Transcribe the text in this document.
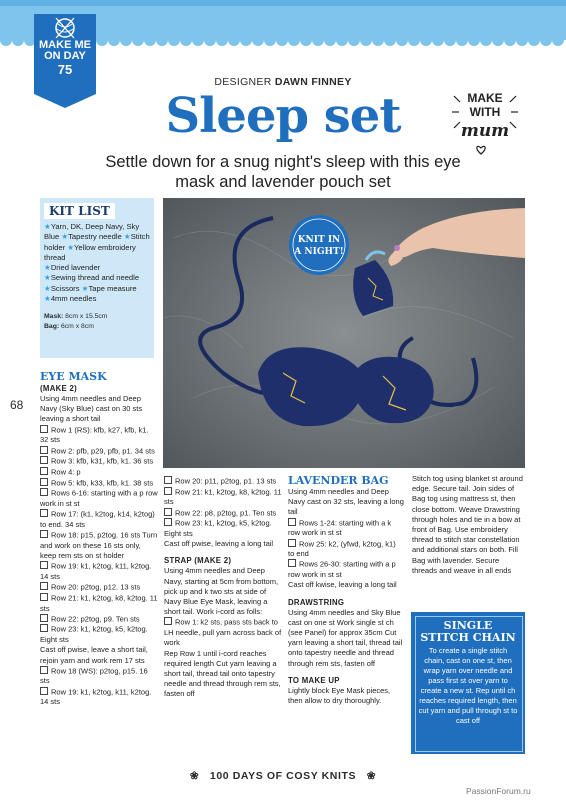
MAKE ME
ON DAY
75
DESIGNER DAWN FINNEY
Sleep set
Settle down for a snug night's sleep with this eye mask and lavender pouch set
MAKE
WITH
mum
KIT LIST
★Yarn, DK, Deep Navy, Sky Blue ★Tapestry needle ★Stitch holder ★Yellow embroidery thread
★Dried lavender
★Sewing thread and needle ★Scissors ★Tape measure ★4mm needles
Mask: 8cm x 15.5cm
Bag: 6cm x 8cm
KNIT IN
A NIGHT!
68
EYE MASK
(MAKE 2)
Using 4mm needles and Deep Navy (Sky Blue) cast on 30 sts leaving a short tail
Row 1 (RS): kfb, k27, kfb, k1. 32 sts
Row 2: pfb, p29, pfb, p1. 34 sts
Row 3: kfb, k31, kfb, k1. 36 sts
Row 4: p
Row 5: kfb, k33, kfb, k1. 38 sts
Rows 6-16: starting with a p row work in st st
Row 17: (k1, k2tog, k14, k2tog) to end. 34 sts
Row 18: p15, p2tog. 16 sts Turn and work on these 16 sts only, keep rem sts on st holder
Row 19: k1, k2tog, k11, k2tog. 14 sts
Row 20: p2tog, p12. 13 sts
Row 21: k1, k2tog, k8, k2tog. 11 sts
Row 22: p2tog, p9. Ten sts
Row 23: k1, k2tog, k5, k2tog. Eight sts
Cast off pwise, leave a short tail, rejoin yarn and work rem 17 sts
Row 18 (WS): p2tog, p15. 16 sts
Row 19: k1, k2tog, k11, k2tog. 14 sts
Row 20: p11, p2tog, p1. 13 sts
Row 21: k1, k2tog, k8, k2tog. 11 sts
Row 22: p8, p2tog, p1. Ten sts
Row 23: k1, k2tog, k5, k2tog. Eight sts
Cast off pwise, leaving a long tail
STRAP (MAKE 2)
Using 4mm needles and Deep Navy, starting at 5cm from bottom, pick up and k two sts at side of Navy Blue Eye Mask, leaving a short tail. Work i-cord as folls:
Row 1: k2 sts, pass sts back to LH needle, pull yarn across back of work
Rep Row 1 until i-cord reaches required length Cut yarn leaving a short tail, thread tail onto tapestry needle and thread through rem sts, fasten off
LAVENDER BAG
Using 4mm needles and Deep Navy cast on 32 sts, leaving a long tail
Rows 1-24: starting with a k row work in st st
Row 25: k2, (yfwd, k2tog, k1) to end
Rows 26-30: starting with a p row work in st st
Cast off kwise, leaving a long tail
DRAWSTRING
Using 4mm needles and Sky Blue cast on one st Work single st ch (see Panel) for approx 35cm Cut yarn leaving a short tail, thread tail onto tapestry needle and thread through rem sts, fasten off
TO MAKE UP
Lightly block Eye Mask pieces, then allow to dry thoroughly.
Stitch tog using blanket st around edge. Secure tail. Join sides of Bag tog using mattress st, then close bottom. Weave Drawstring through holes and tie in a bow at front of Bag. Use embroidery thread to stitch star constellation and additional stars on both. Fill Bag with lavender. Secure threads and weave in all ends
SINGLE
STITCH CHAIN
To create a single stitch chain, cast on one st, then wrap yarn over needle and pass first st over yarn to create a new st. Rep until ch reaches required length, then cut yarn and pull through st to cast off
❀ 100 DAYS OF COSY KNITS ❀
PassionForum.ru
